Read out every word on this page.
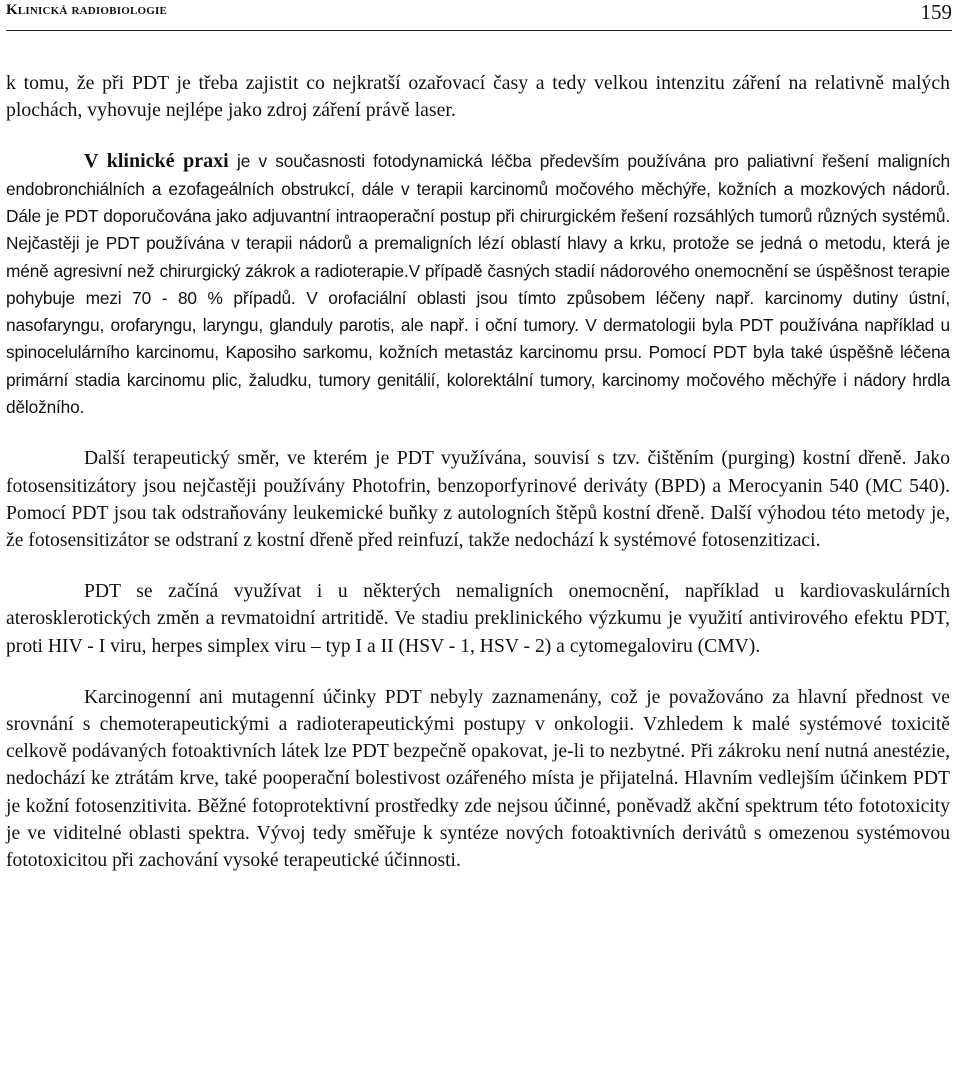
Klinická radiobiologie	159

k tomu, že při PDT je třeba zajistit co nejkratší ozařovací časy a tedy velkou intenzitu záření na relativně malých plochách, vyhovuje nejlépe jako zdroj záření právě laser.

V klinické praxi je v současnosti fotodynamická léčba především používána pro paliativní řešení maligních endobronchiálních a ezofageálních obstrukcí, dále v terapii karcinomů močového měchýře, kožních a mozkových nádorů. Dále je PDT doporučována jako adjuvantní intraoperační postup při chirurgickém řešení rozsáhlých tumorů různých systémů. Nejčastěji je PDT používána v terapii nádorů a premaligních lézí oblastí hlavy a krku, protože se jedná o metodu, která je méně agresivní než chirurgický zákrok a radioterapie.V případě časných stadií nádorového onemocnění se úspěšnost terapie pohybuje mezi 70 - 80 % případů. V orofaciální oblasti jsou tímto způsobem léčeny např. karcinomy dutiny ústní, nasofaryngu, orofaryngu, laryngu, glanduly parotis, ale např. i oční tumory. V dermatologii byla PDT používána například u spinocelulárního karcinomu, Kaposiho sarkomu, kožních metastáz karcinomu prsu. Pomocí PDT byla také úspěšně léčena primární stadia karcinomu plic, žaludku, tumory genitálií, kolorektální tumory, karcinomy močového měchýře i nádory hrdla děložního.

Další terapeutický směr, ve kterém je PDT využívána, souvisí s tzv. čištěním (purging) kostní dřeně. Jako fotosensitizátory jsou nejčastěji používány Photofrin, benzoporfyrinové deriváty (BPD) a Merocyanin 540 (MC 540). Pomocí PDT jsou tak odstraňovány leukemické buňky z autologních štěpů kostní dřeně. Další výhodou této metody je, že fotosensitizátor se odstraní z kostní dřeně před reinfuzí, takže nedochází k systémové fotosenzitizaci.

PDT se začíná využívat i u některých nemaligních onemocnění, například u kardiovaskulárních aterosklerotických změn a revmatoidní artritidě. Ve stadiu preklinického výzkumu je využití antivirového efektu PDT, proti HIV - I viru, herpes simplex viru – typ I a II (HSV - 1, HSV - 2) a cytomegaloviru (CMV).

Karcinogenní ani mutagenní účinky PDT nebyly zaznamenány, což je považováno za hlavní přednost ve srovnání s chemoterapeutickými a radioterapeutickými postupy v onkologii. Vzhledem k malé systémové toxicitě celkově podávaných fotoaktivních látek lze PDT bezpečně opakovat, je-li to nezbytné. Při zákroku není nutná anestézie, nedochází ke ztrátám krve, také pooperační bolestivost ozářeného místa je přijatelná. Hlavním vedlejším účinkem PDT je kožní fotosenzitivita. Běžné fotoprotektivní prostředky zde nejsou účinné, poněvadž akční spektrum této fototoxicity je ve viditelné oblasti spektra. Vývoj tedy směřuje k syntéze nových fotoaktivních derivátů s omezenou systémovou fototoxicitou při zachování vysoké terapeutické účinnosti.
